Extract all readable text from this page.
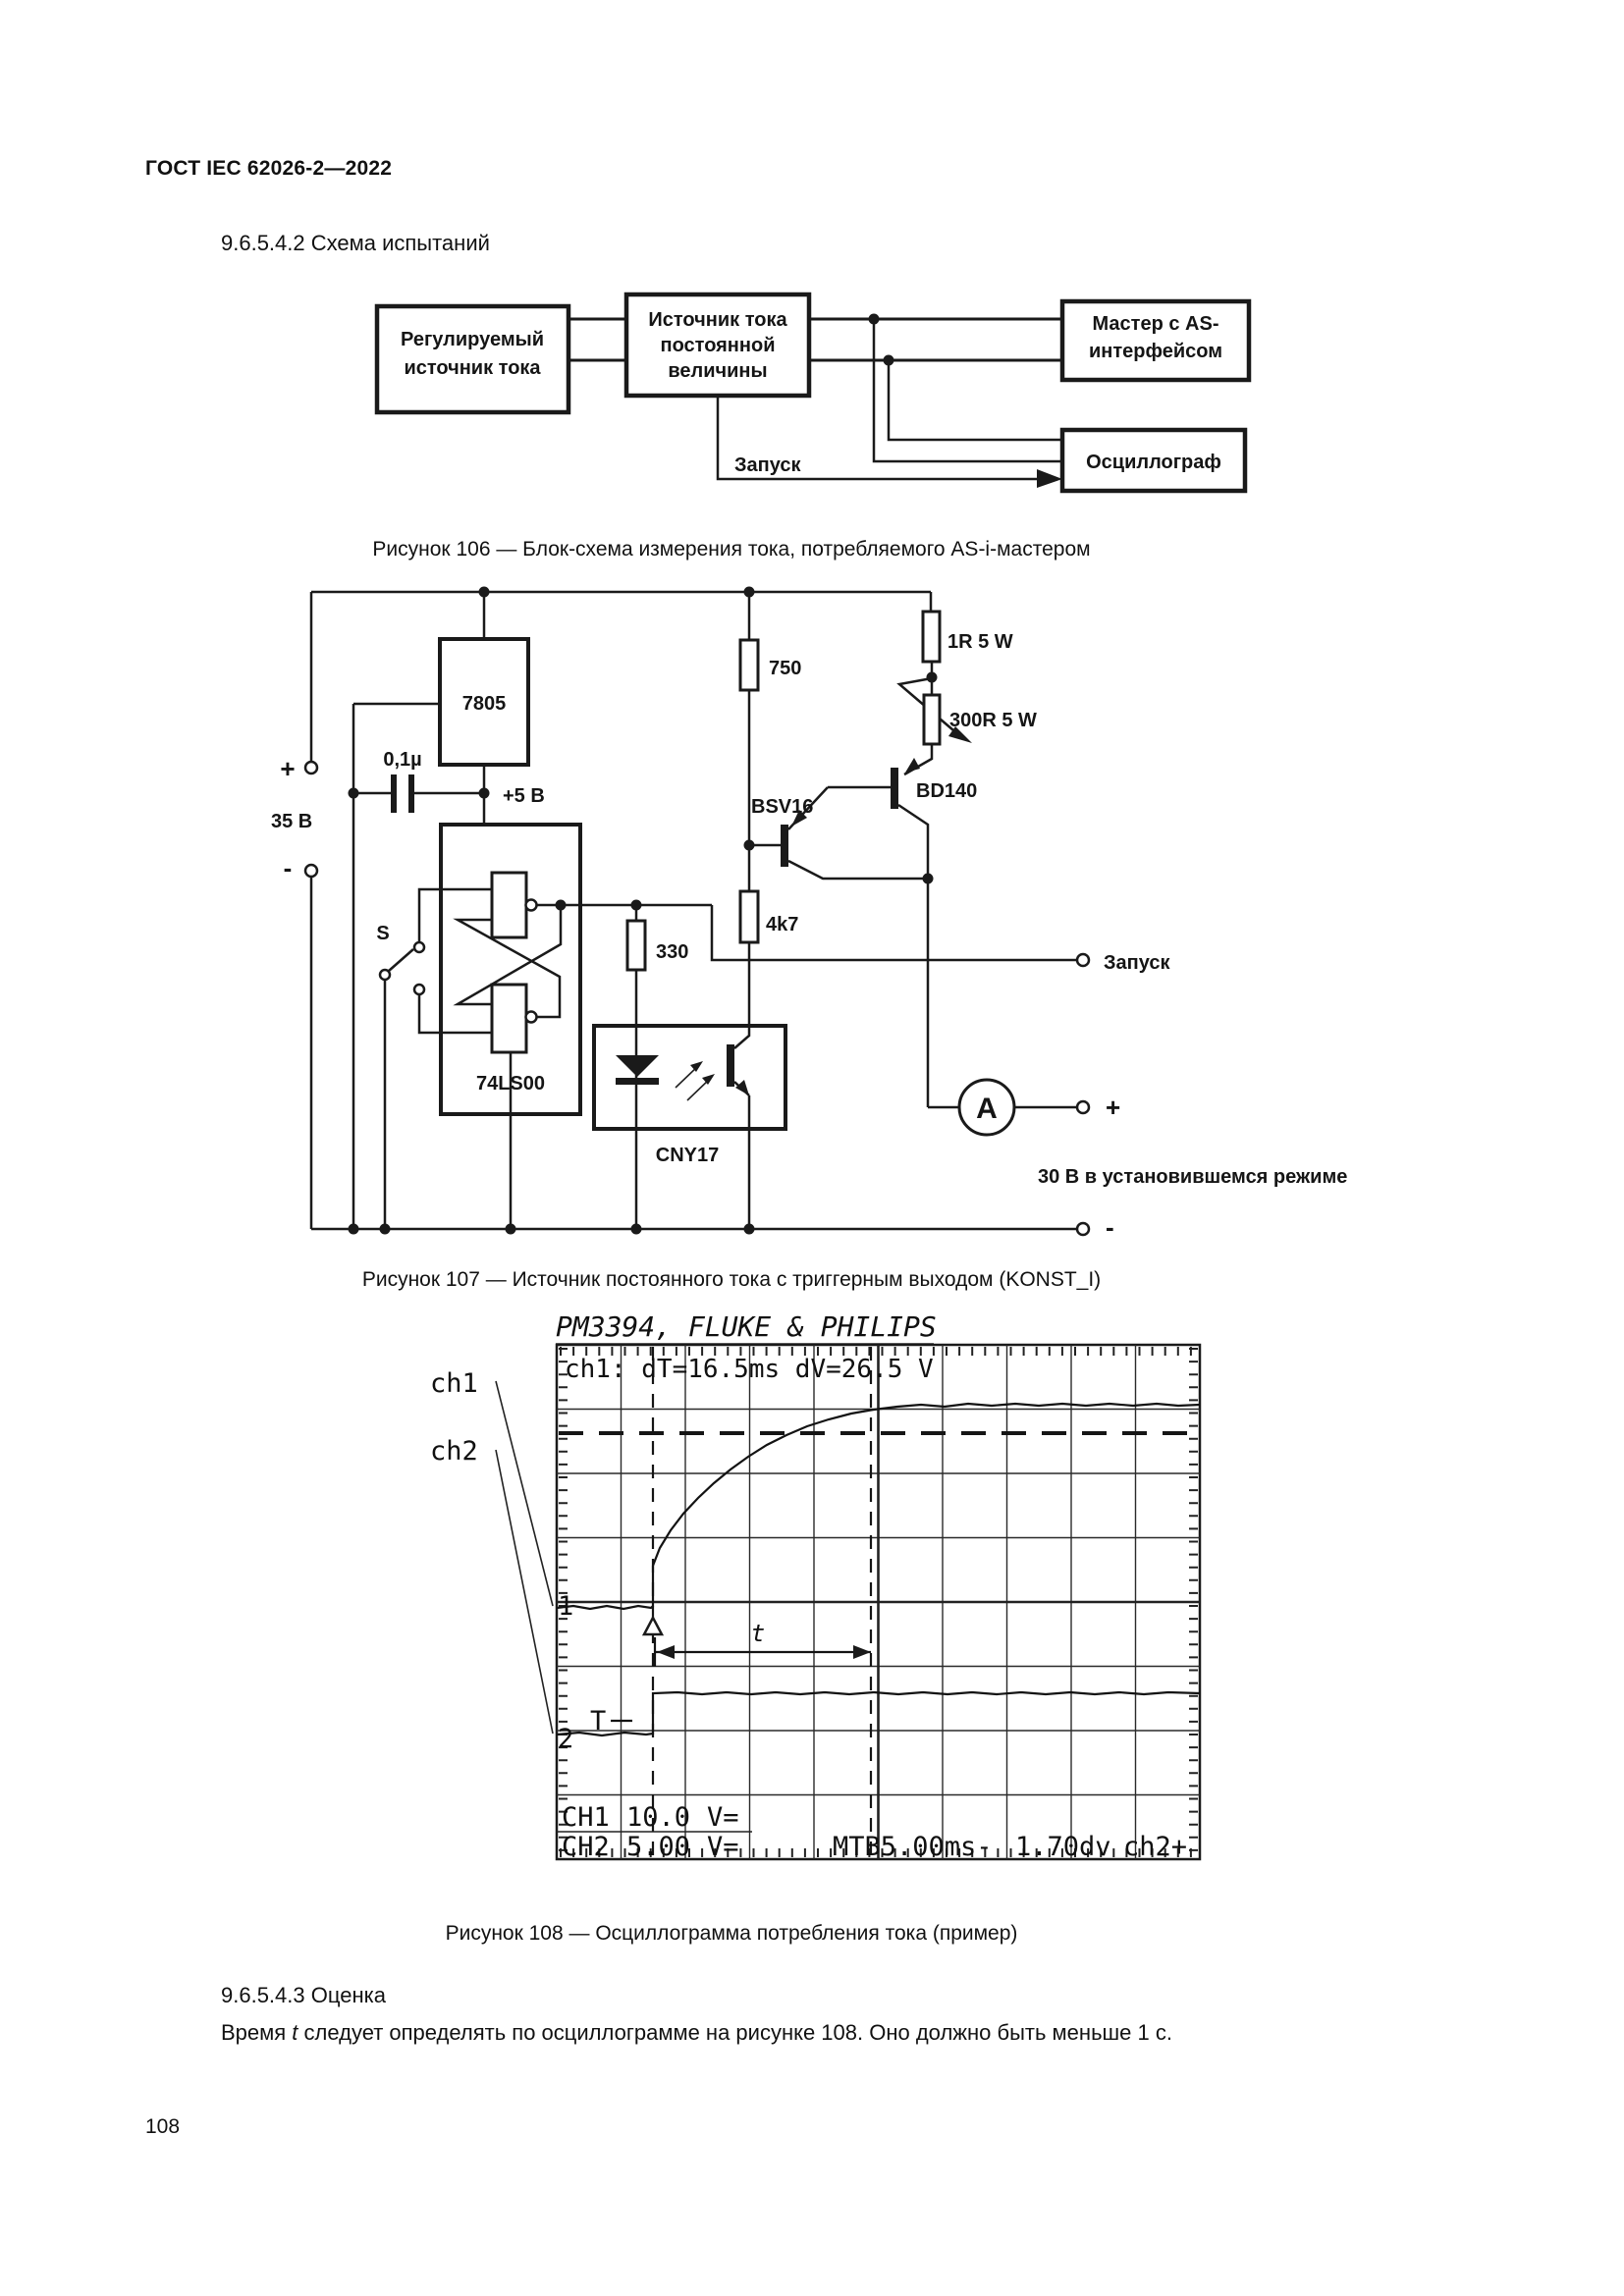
ГОСТ IEC 62026-2—2022
9.6.5.4.2 Схема испытаний
Регулируемый
источник тока
Источник тока
постоянной
величины
Мастер с AS-
интерфейсом
Осциллограф
Запуск
Рисунок 106 — Блок-схема измерения тока, потребляемого AS-i-мастером
7805
0,1µ
+5 В
+
-
35 В
S
74LS00
330
750
4k7
1R 5 W
300R 5 W
CNY17
BSV16
BD140
A
Запуск
+
30 В в установившемся режиме
-
Рисунок 107 — Источник постоянного тока с триггерным выходом (KONST_I)
PM3394, FLUKE & PHILIPS
t
ch1: dT=16.5ms dV=26.5 V
1
2
T
CH1 10.0 V=
CH2 5.00 V=	MTB5.00ms- 1.70dv ch2+
ch1
ch2
Рисунок 108 — Осциллограмма потребления тока (пример)
9.6.5.4.3 Оценка
Время t следует определять по осциллограмме на рисунке 108. Оно должно быть меньше 1 с.
108
